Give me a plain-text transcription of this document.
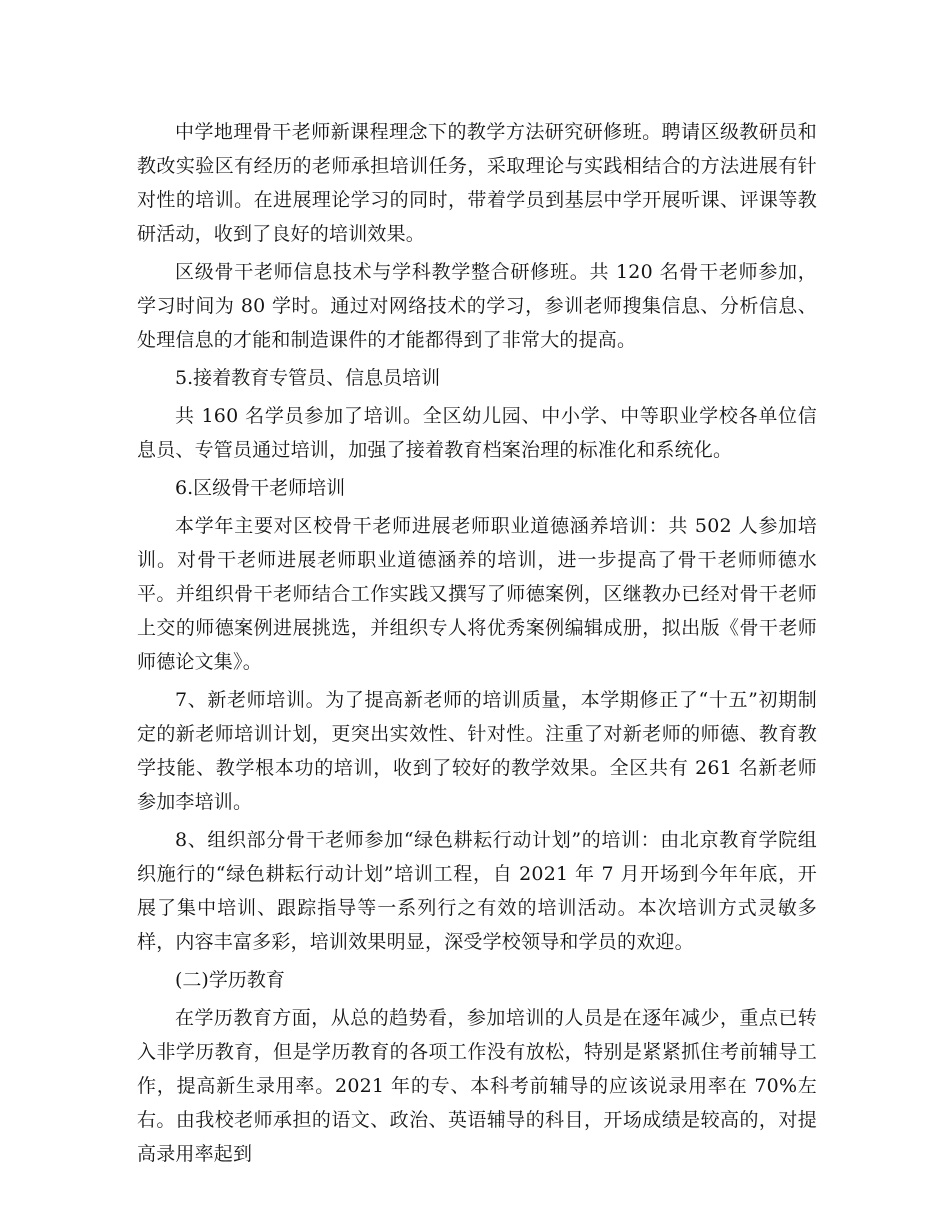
中学地理骨干老师新课程理念下的教学方法研究研修班。聘请区级教研员和教改实验区有经历的老师承担培训任务，采取理论与实践相结合的方法进展有针对性的培训。在进展理论学习的同时，带着学员到基层中学开展听课、评课等教研活动，收到了良好的培训效果。

区级骨干老师信息技术与学科教学整合研修班。共 120 名骨干老师参加，学习时间为 80 学时。通过对网络技术的学习，参训老师搜集信息、分析信息、处理信息的才能和制造课件的才能都得到了非常大的提高。

5.接着教育专管员、信息员培训

共 160 名学员参加了培训。全区幼儿园、中小学、中等职业学校各单位信息员、专管员通过培训，加强了接着教育档案治理的标准化和系统化。

6.区级骨干老师培训

本学年主要对区校骨干老师进展老师职业道德涵养培训：共 502 人参加培训。对骨干老师进展老师职业道德涵养的培训，进一步提高了骨干老师师德水平。并组织骨干老师结合工作实践又撰写了师德案例，区继教办已经对骨干老师上交的师德案例进展挑选，并组织专人将优秀案例编辑成册，拟出版《骨干老师师德论文集》。

7、新老师培训。为了提高新老师的培训质量，本学期修正了“十五”初期制定的新老师培训计划，更突出实效性、针对性。注重了对新老师的师德、教育教学技能、教学根本功的培训，收到了较好的教学效果。全区共有 261 名新老师参加李培训。

8、组织部分骨干老师参加“绿色耕耘行动计划”的培训：由北京教育学院组织施行的“绿色耕耘行动计划”培训工程，自 2021 年 7 月开场到今年年底，开展了集中培训、跟踪指导等一系列行之有效的培训活动。本次培训方式灵敏多样，内容丰富多彩，培训效果明显，深受学校领导和学员的欢迎。

(二)学历教育

在学历教育方面，从总的趋势看，参加培训的人员是在逐年减少，重点已转入非学历教育，但是学历教育的各项工作没有放松，特别是紧紧抓住考前辅导工作，提高新生录用率。2021 年的专、本科考前辅导的应该说录用率在 70%左右。由我校老师承担的语文、政治、英语辅导的科目，开场成绩是较高的，对提高录用率起到
